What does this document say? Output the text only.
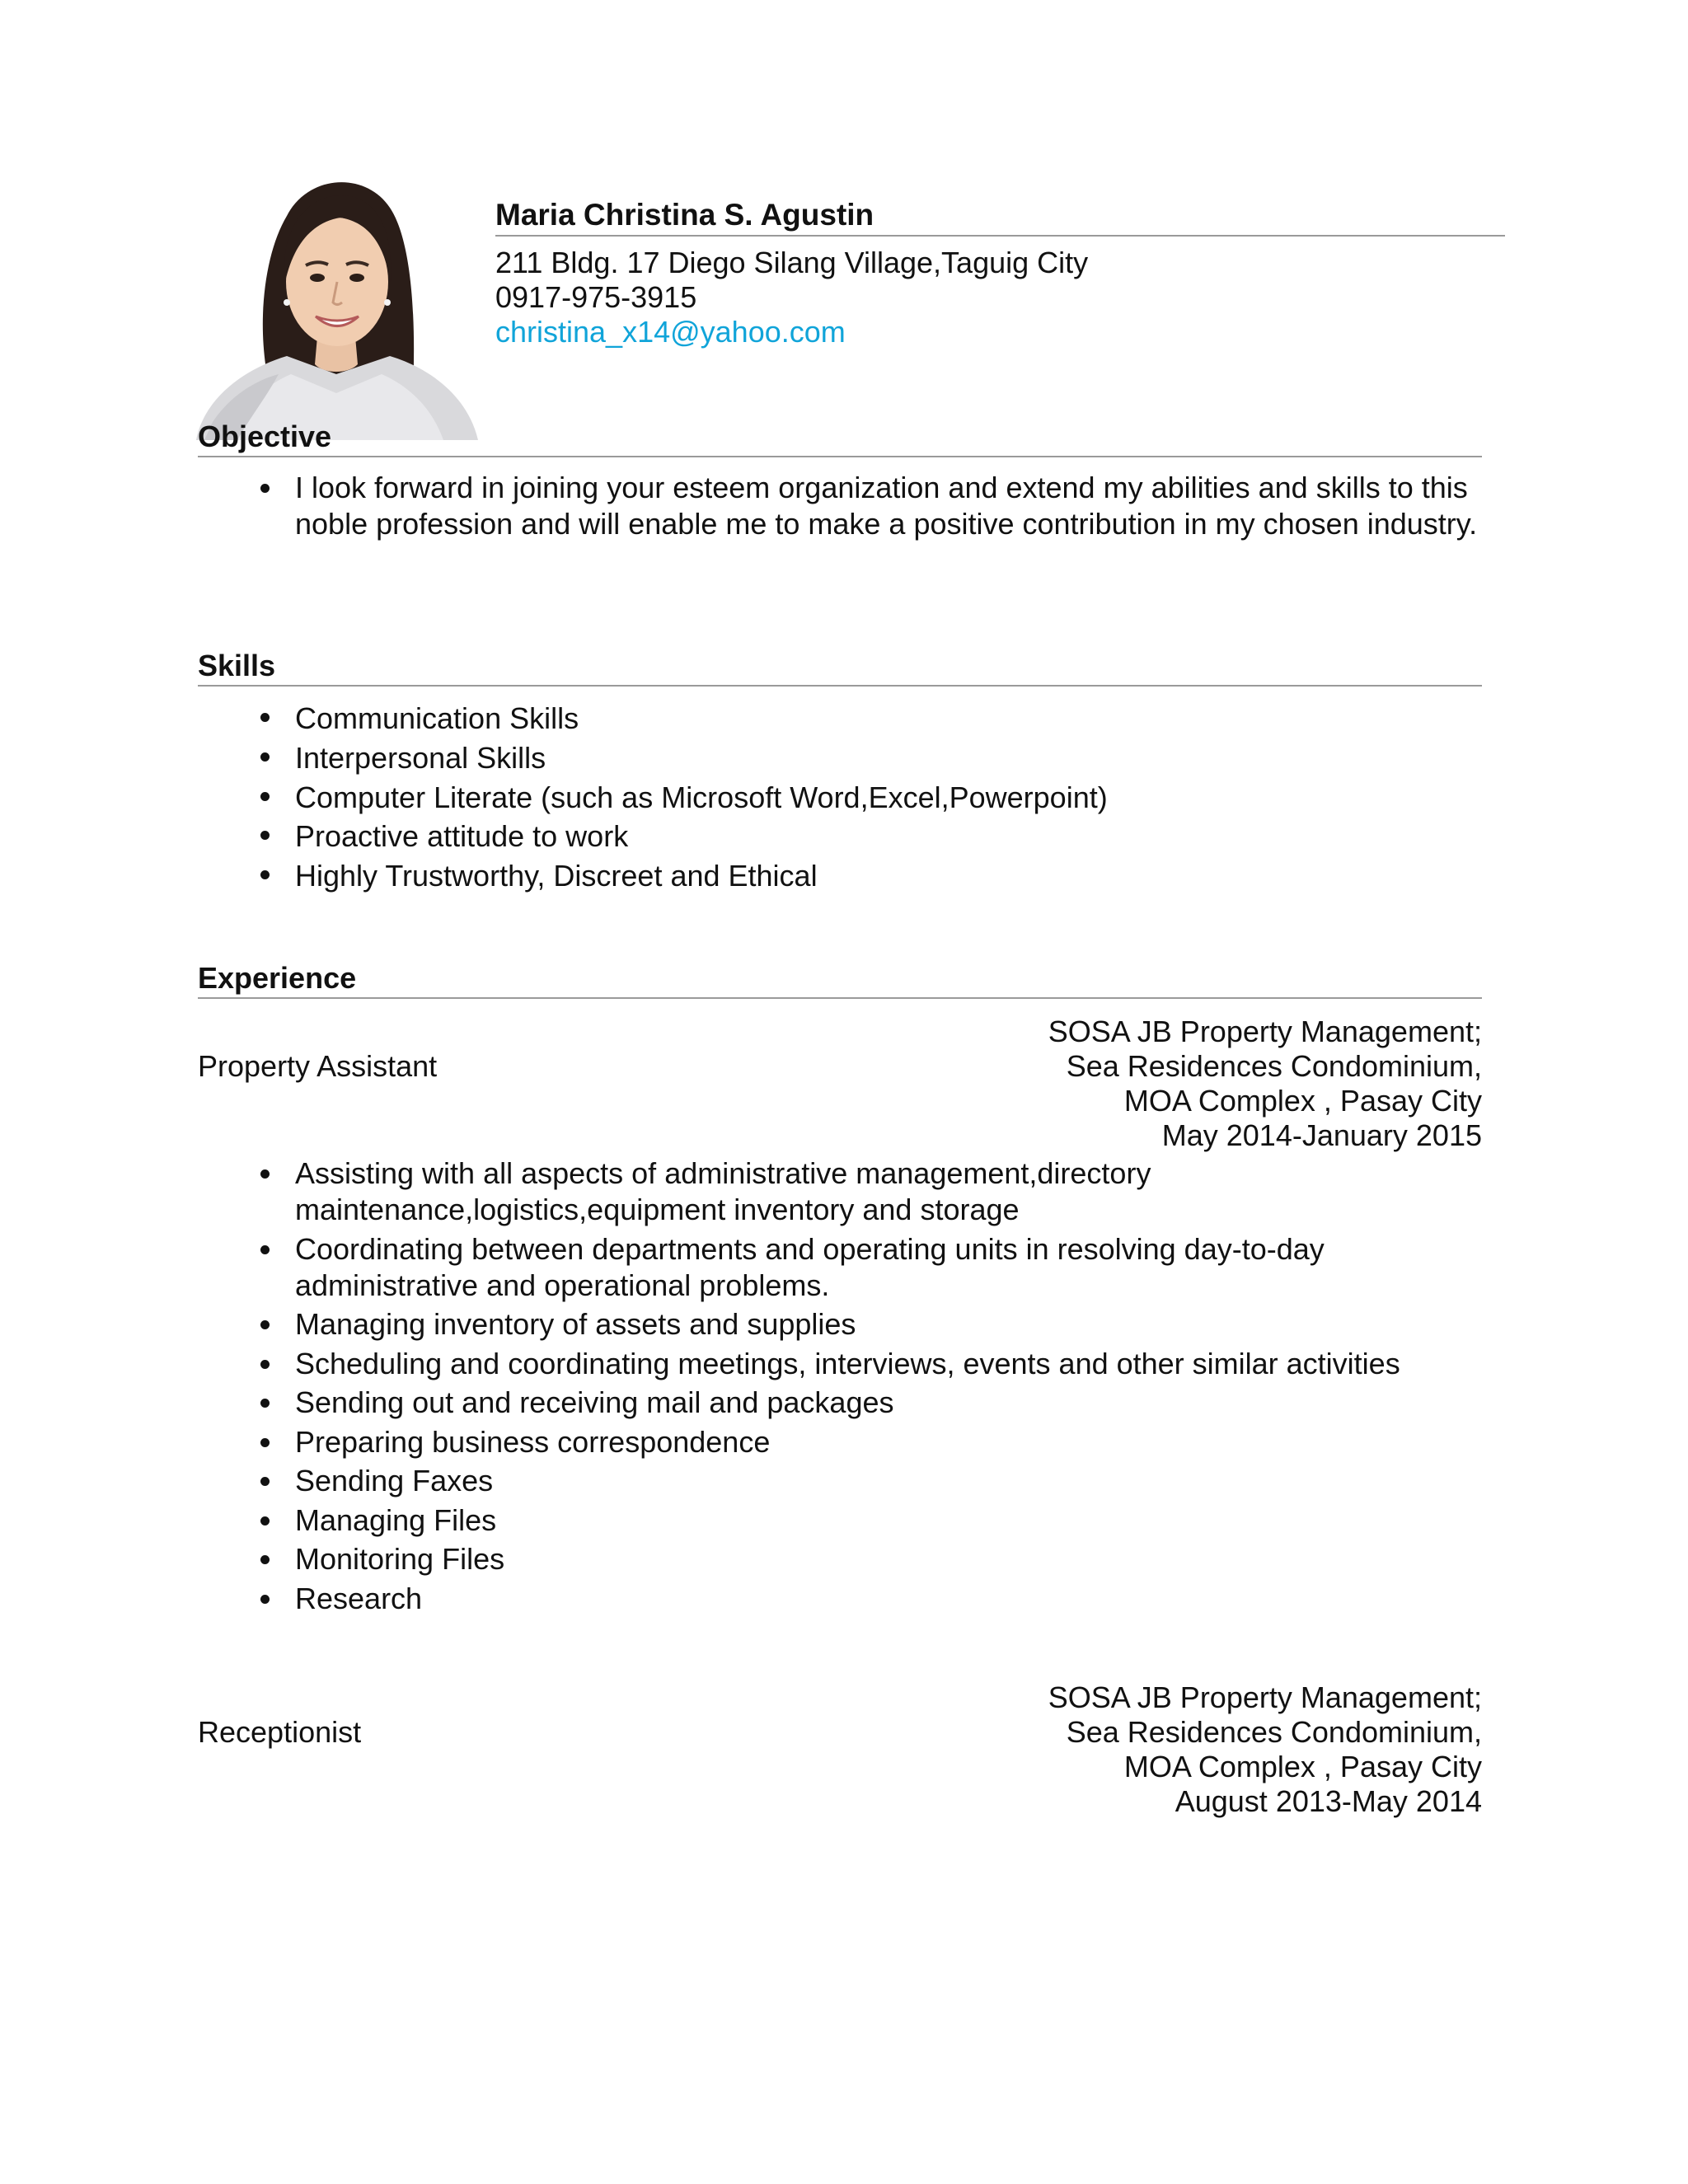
Maria Christina S. Agustin
211 Bldg. 17 Diego Silang Village,Taguig City
0917-975-3915
christina_x14@yahoo.com
Objective
I look forward in joining your esteem organization and extend my abilities and skills to this noble profession and will enable me to make a positive contribution in my chosen industry.
Skills
Communication Skills
Interpersonal Skills
Computer Literate (such as Microsoft Word,Excel,Powerpoint)
Proactive attitude to work
Highly Trustworthy, Discreet and Ethical
Experience
Property Assistant
SOSA JB Property Management;
Sea Residences Condominium,
MOA Complex , Pasay City
May 2014-January 2015
Assisting with all aspects of administrative management,directory maintenance,logistics,equipment inventory and storage
Coordinating between departments and operating units in resolving day-to-day administrative and operational problems.
Managing inventory of assets and supplies
Scheduling and coordinating meetings, interviews, events and other similar activities
Sending out and receiving mail and packages
Preparing business correspondence
Sending Faxes
Managing Files
Monitoring Files
Research
Receptionist
SOSA JB Property Management;
Sea Residences Condominium,
MOA Complex , Pasay City
August 2013-May 2014
